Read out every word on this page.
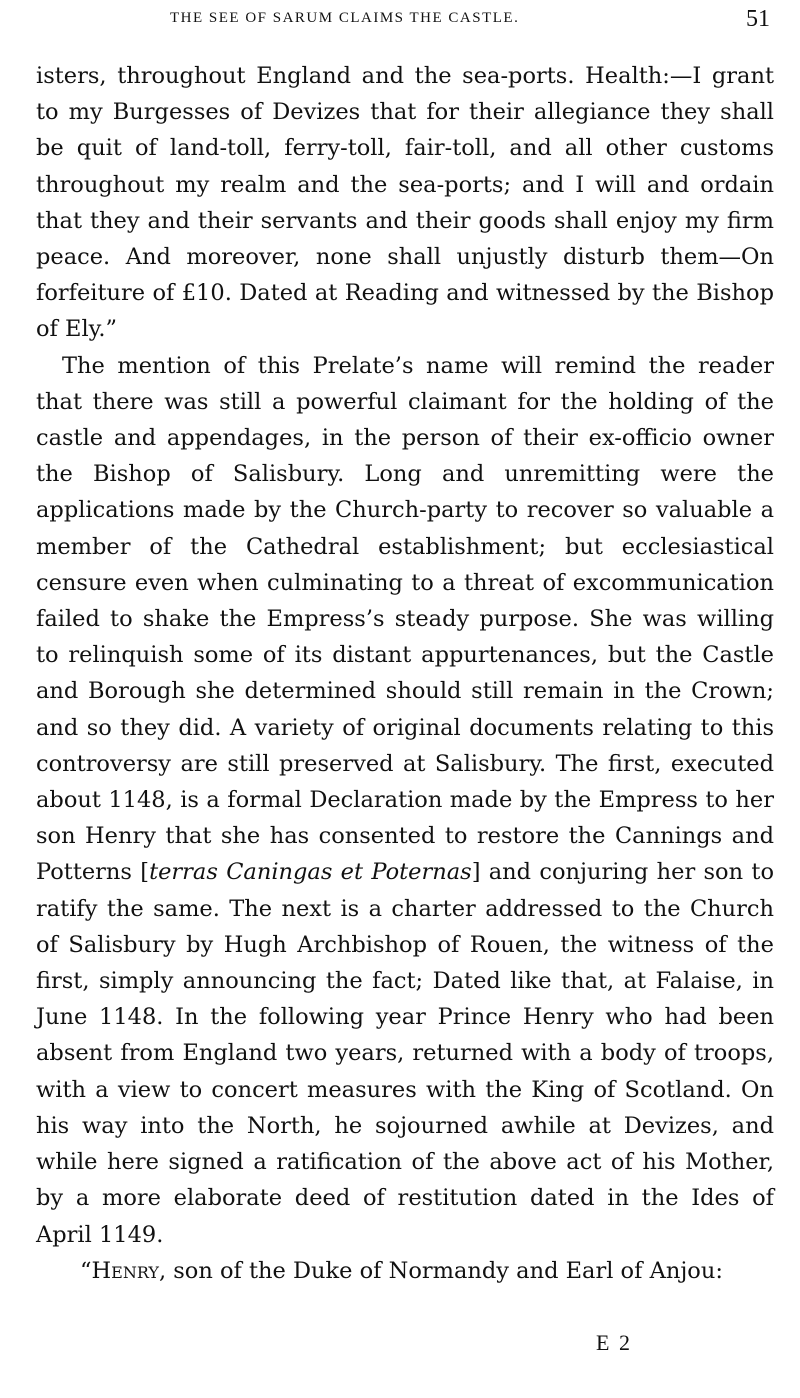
THE SEE OF SARUM CLAIMS THE CASTLE.	51

isters, throughout England and the sea-ports. Health:—I grant to my Burgesses of Devizes that for their allegiance they shall be quit of land-toll, ferry-toll, fair-toll, and all other customs throughout my realm and the sea-ports; and I will and ordain that they and their servants and their goods shall enjoy my firm peace. And moreover, none shall unjustly disturb them—On forfeiture of £10. Dated at Reading and witnessed by the Bishop of Ely.”

The mention of this Prelate’s name will remind the reader that there was still a powerful claimant for the holding of the castle and appendages, in the person of their ex-officio owner the Bishop of Salisbury. Long and unremitting were the applications made by the Church-party to recover so valuable a member of the Cathedral establishment; but ecclesiastical censure even when culminating to a threat of excommunication failed to shake the Empress’s steady purpose. She was willing to relinquish some of its distant appurtenances, but the Castle and Borough she determined should still remain in the Crown; and so they did. A variety of original documents relating to this controversy are still preserved at Salisbury. The first, executed about 1148, is a formal Declaration made by the Empress to her son Henry that she has consented to restore the Cannings and Potterns [terras Caningas et Poternas] and conjuring her son to ratify the same. The next is a charter addressed to the Church of Salisbury by Hugh Archbishop of Rouen, the witness of the first, simply announcing the fact; Dated like that, at Falaise, in June 1148. In the following year Prince Henry who had been absent from England two years, returned with a body of troops, with a view to concert measures with the King of Scotland. On his way into the North, he sojourned awhile at Devizes, and while here signed a ratification of the above act of his Mother, by a more elaborate deed of restitution dated in the Ides of April 1149.

“Henry, son of the Duke of Normandy and Earl of Anjou:

E 2
